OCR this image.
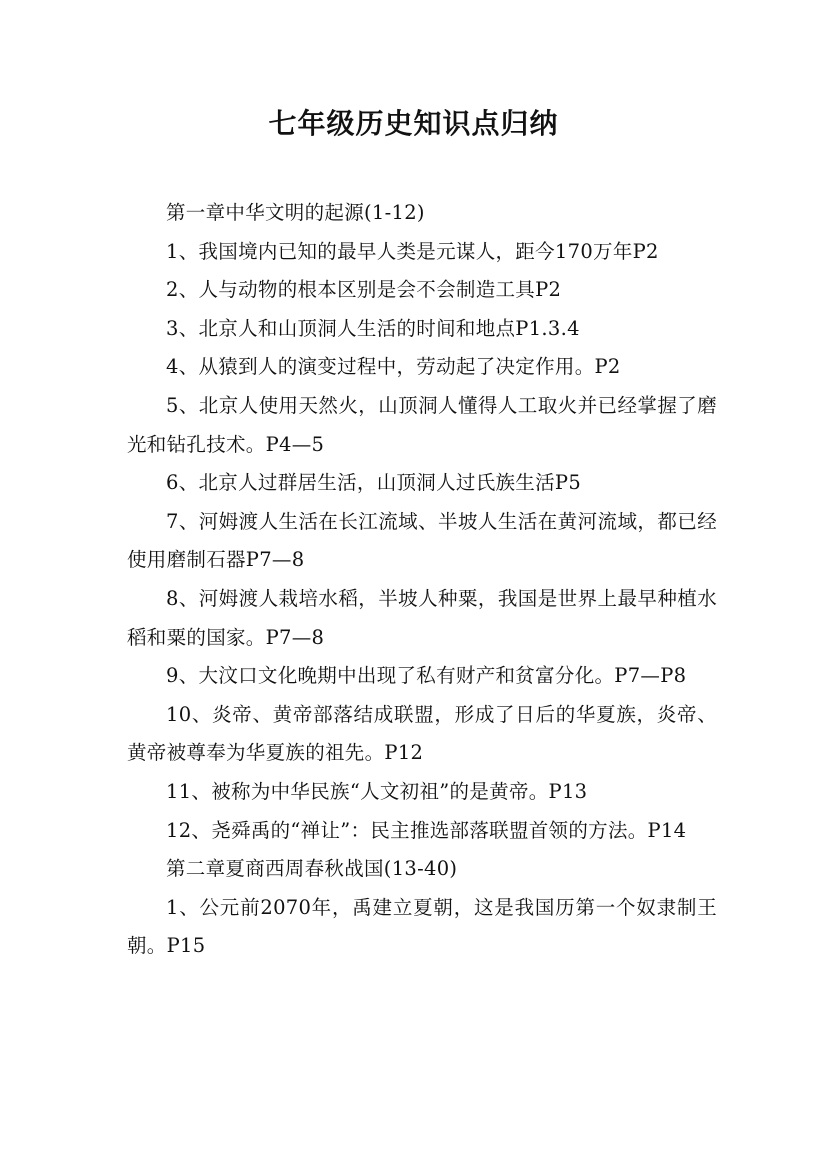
七年级历史知识点归纳

第一章中华文明的起源(1-12)

1、我国境内已知的最早人类是元谋人，距今170万年P2

2、人与动物的根本区别是会不会制造工具P2

3、北京人和山顶洞人生活的时间和地点P1.3.4

4、从猿到人的演变过程中，劳动起了决定作用。P2

5、北京人使用天然火，山顶洞人懂得人工取火并已经掌握了磨光和钻孔技术。P4—5

6、北京人过群居生活，山顶洞人过氏族生活P5

7、河姆渡人生活在长江流域、半坡人生活在黄河流域，都已经使用磨制石器P7—8

8、河姆渡人栽培水稻，半坡人种粟，我国是世界上最早种植水稻和粟的国家。P7—8

9、大汶口文化晚期中出现了私有财产和贫富分化。P7—P8

10、炎帝、黄帝部落结成联盟，形成了日后的华夏族，炎帝、黄帝被尊奉为华夏族的祖先。P12

11、被称为中华民族“人文初祖”的是黄帝。P13

12、尧舜禹的“禅让”：民主推选部落联盟首领的方法。P14

第二章夏商西周春秋战国(13-40)

1、公元前2070年，禹建立夏朝，这是我国历第一个奴隶制王朝。P15
